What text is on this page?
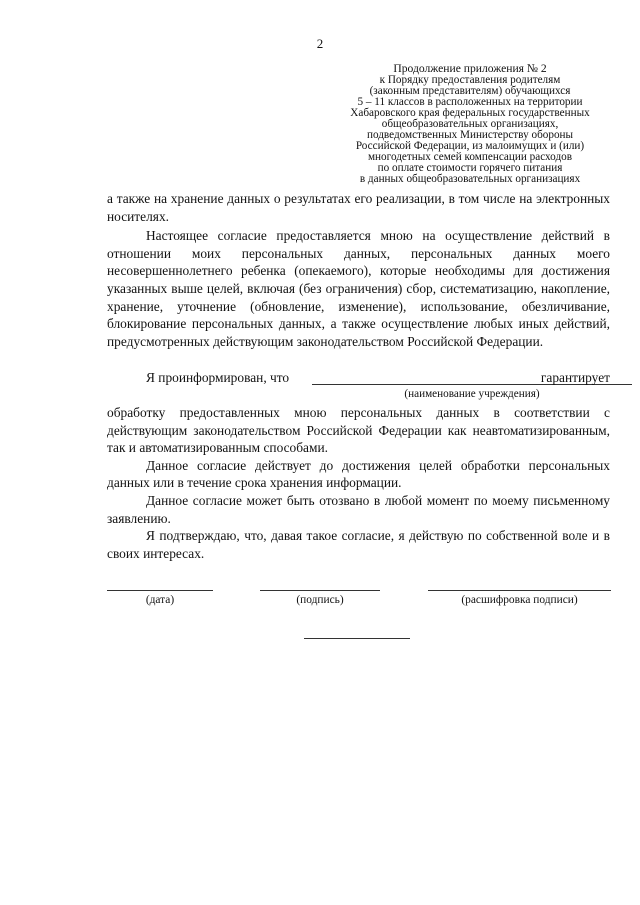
2
Продолжение приложения № 2
к Порядку предоставления родителям
(законным представителям) обучающихся
5 – 11 классов в расположенных на территории
Хабаровского края федеральных государственных
общеобразовательных организациях,
подведомственных Министерству обороны
Российской Федерации, из малоимущих и (или)
многодетных семей компенсации расходов
по оплате стоимости горячего питания
в данных общеобразовательных организациях

а также на хранение данных о результатах его реализации, в том числе на электронных носителях.

Настоящее согласие предоставляется мною на осуществление действий в отношении моих персональных данных, персональных данных моего несовершеннолетнего ребенка (опекаемого), которые необходимы для достижения указанных выше целей, включая (без ограничения) сбор, систематизацию, накопление, хранение, уточнение (обновление, изменение), использование, обезличивание, блокирование персональных данных, а также осуществление любых иных действий, предусмотренных действующим законодательством Российской Федерации.

Я проинформирован, что	гарантирует
(наименование учреждения)

обработку предоставленных мною персональных данных в соответствии с действующим законодательством Российской Федерации как неавтоматизированным, так и автоматизированным способами.

Данное согласие действует до достижения целей обработки персональных данных или в течение срока хранения информации.

Данное согласие может быть отозвано в любой момент по моему письменному заявлению.

Я подтверждаю, что, давая такое согласие, я действую по собственной воле и в своих интересах.

(дата)	(подпись)	(расшифровка подписи)
